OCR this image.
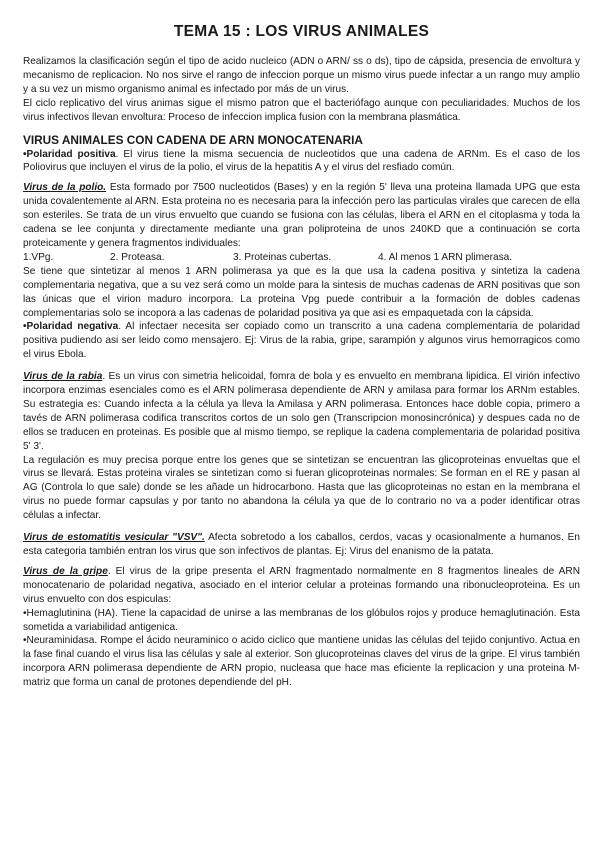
TEMA 15 : LOS VIRUS ANIMALES

Realizamos la clasificación según el tipo de acido nucleico (ADN o ARN/ ss o ds), tipo de cápsida, presencia de envoltura y mecanismo de replicacion. No nos sirve el rango de infeccion porque un mismo virus puede infectar a un rango muy amplio y a su vez un mismo organismo animal es infectado por más de un virus.

El ciclo replicativo del virus animas sigue el mismo patron que el bacteriófago aunque con peculiaridades. Muchos de los virus infectivos llevan envoltura: Proceso de infeccion implica fusion con la membrana plasmática.

VIRUS ANIMALES CON CADENA DE ARN MONOCATENARIA

•Polaridad positiva. El virus tiene la misma secuencia de nucleotidos que una cadena de ARNm. Es el caso de los Poliovirus que incluyen el virus de la polio, el virus de la hepatitis A y el virus del resfiado común.

Virus de la polio. Esta formado por 7500 nucleotidos (Bases) y en la región 5' lleva una proteina llamada UPG que esta unida covalentemente al ARN. Esta proteina no es necesaria para la infección pero las particulas virales que carecen de ella son esteriles. Se trata de un virus envuelto que cuando se fusiona con las células, libera el ARN en el citoplasma y toda la cadena se lee conjunta y directamente mediante una gran poliproteina de unos 240KD que a continuación se corta proteicamente y genera fragmentos individuales:

1.VPg.	2. Proteasa.	3. Proteinas cubertas.	4. Al menos 1 ARN plimerasa.

Se tiene que sintetizar al menos 1 ARN polimerasa ya que es la que usa la cadena positiva y sintetiza la cadena complementaria negativa, que a su vez será como un molde para la sintesis de muchas cadenas de ARN positivas que son las únicas que el virion maduro incorpora. La proteina Vpg puede contribuir a la formación de dobles cadenas complementarias solo se incopora a las cadenas de polaridad positiva ya que asi es empaquetada con la cápsida.

•Polaridad negativa. Al infectaer necesita ser copiado como un transcrito a una cadena complementaria de polaridad positiva pudiendo asi ser leido como mensajero. Ej: Virus de la rabia, gripe, sarampión y algunos virus hemorragicos como el virus Ebola.

Virus de la rabia. Es un virus con simetria helicoidal, fomra de bola y es envuelto en membrana lipidica. El virión infectivo incorpora enzimas esenciales como es el ARN polimerasa dependiente de ARN y amilasa para formar los ARNm estables. Su estrategia es: Cuando infecta a la célula ya lleva la Amilasa y ARN polimerasa. Entonces hace doble copia, primero a tavés de ARN polimerasa codifica transcritos cortos de un solo gen (Transcripcion monosincrónica) y despues cada no de ellos se traducen en proteinas. Es posible que al mismo tiempo, se replique la cadena complementaria de polaridad positiva 5' 3'.

La regulación es muy precisa porque entre los genes que se sintetizan se encuentran las glicoproteinas envueltas que el virus se llevará. Estas proteina virales se sintetizan como si fueran glicoproteinas normales: Se forman en el RE y pasan al AG (Controla lo que sale) donde se les añade un hidrocarbono. Hasta que las glicoproteinas no estan en la membrana el virus no puede formar capsulas y por tanto no abandona la célula ya que de lo contrario no va a poder identificar otras células a infectar.

Virus de estomatitis vesicular "VSV". Afecta sobretodo a los caballos, cerdos, vacas y ocasionalmente a humanos. En esta categoria también entran los virus que son infectivos de plantas. Ej: Virus del enanismo de la patata.

Virus de la gripe. El virus de la gripe presenta el ARN fragmentado normalmente en 8 fragmentos lineales de ARN monocatenario de polaridad negativa, asociado en el interior celular a proteinas formando una ribonucleoproteina. Es un virus envuelto con dos espiculas:

•Hemaglutinina (HA). Tiene la capacidad de unirse a las membranas de los glóbulos rojos y produce hemaglutinación. Esta sometida a variabilidad antigenica.

•Neuraminidasa. Rompe el ácido neuraminico o acido ciclico que mantiene unidas las células del tejido conjuntivo. Actua en la fase final cuando el virus lisa las células y sale al exterior. Son glucoproteinas claves del virus de la gripe. El virus también incorpora ARN polimerasa dependiente de ARN propio, nucleasa que hace mas eficiente la replicacion y una proteina M-matriz que forma un canal de protones dependiende del pH.
